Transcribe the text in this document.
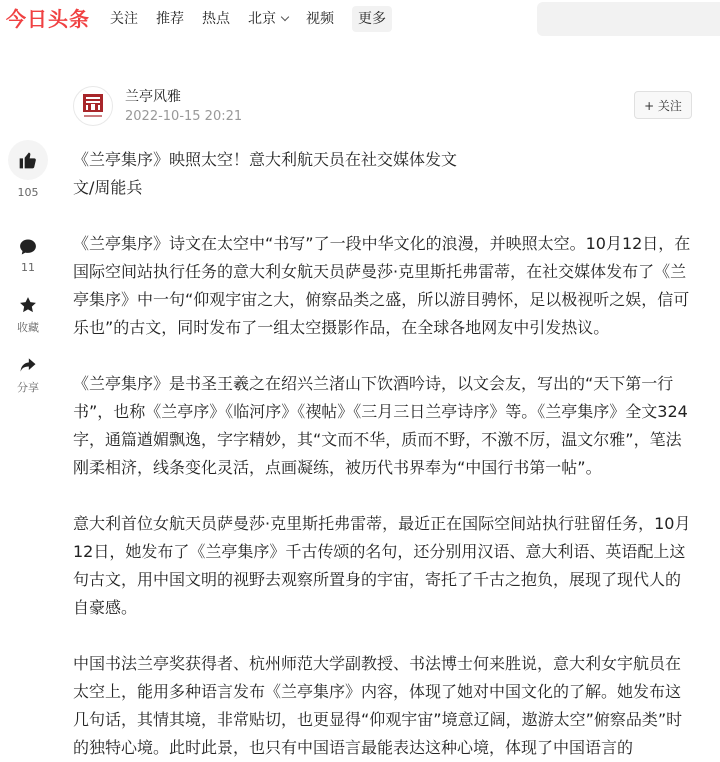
今日头条 关注 推荐 热点 北京	视频	更多
105
11
收藏
分享
兰亭风雅
2022-10-15 20:21
+ 关注

《兰亭集序》映照太空！意大利航天员在社交媒体发文

文/周能兵

《兰亭集序》诗文在太空中“书写”了一段中华文化的浪漫，并映照太空。10月12日，在国际空间站执行任务的意大利女航天员萨曼莎·克里斯托弗雷蒂，在社交媒体发布了《兰亭集序》中一句“仰观宇宙之大，俯察品类之盛，所以游目骋怀，足以极视听之娱，信可乐也”的古文，同时发布了一组太空摄影作品，在全球各地网友中引发热议。

《兰亭集序》是书圣王羲之在绍兴兰渚山下饮酒吟诗，以文会友，写出的“天下第一行书”，也称《兰亭序》《临河序》《禊帖》《三月三日兰亭诗序》等。《兰亭集序》全文324字，通篇遒媚飘逸，字字精妙，其“文而不华，质而不野，不激不厉，温文尔雅”，笔法刚柔相济，线条变化灵活，点画凝练，被历代书界奉为“中国行书第一帖”。

意大利首位女航天员萨曼莎·克里斯托弗雷蒂，最近正在国际空间站执行驻留任务，10月12日，她发布了《兰亭集序》千古传颂的名句，还分别用汉语、意大利语、英语配上这句古文，用中国文明的视野去观察所置身的宇宙，寄托了千古之抱负，展现了现代人的自豪感。

中国书法兰亭奖获得者、杭州师范大学副教授、书法博士何来胜说，意大利女宇航员在太空上，能用多种语言发布《兰亭集序》内容，体现了她对中国文化的了解。她发布这几句话，其情其境，非常贴切，也更显得“仰观宇宙”境意辽阔，遨游太空”俯察品类”时的独特心境。此时此景，也只有中国语言最能表达这种心境，体现了中国语言的
